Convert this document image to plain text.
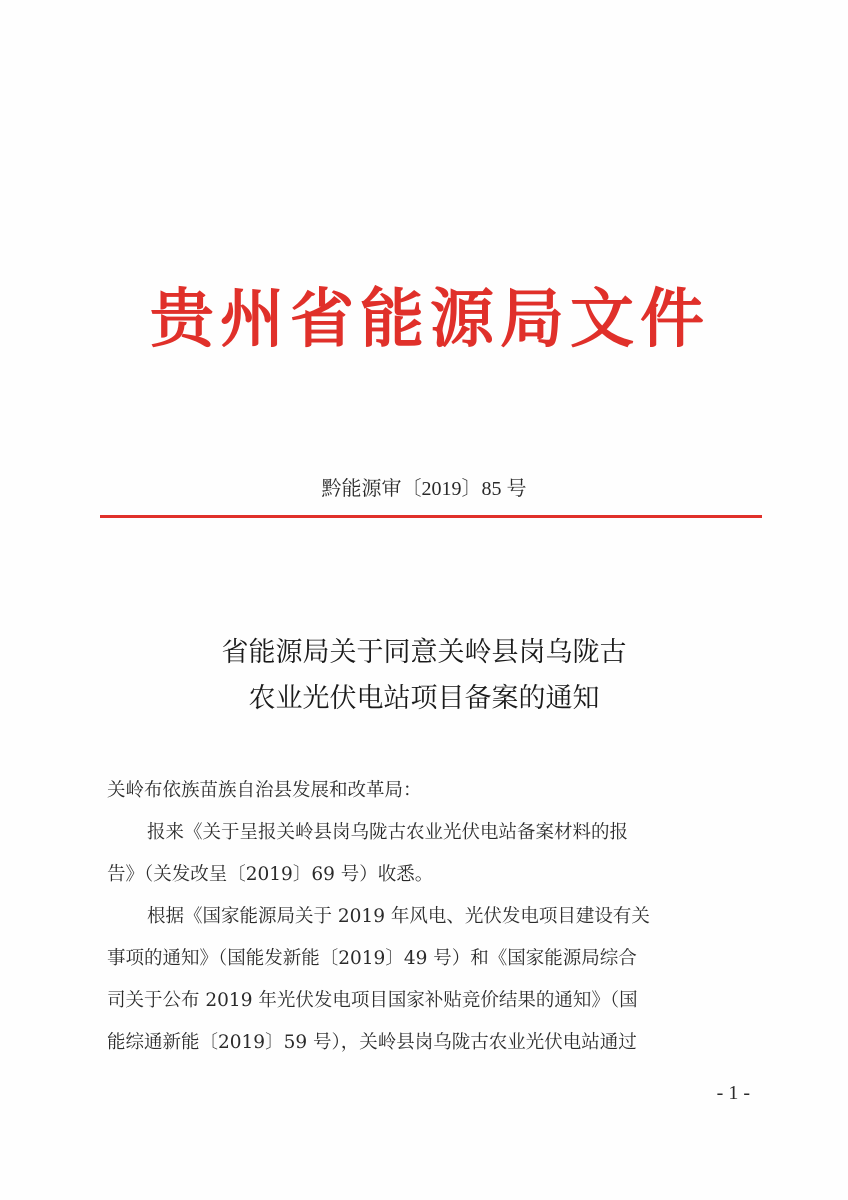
贵州省能源局文件
黔能源审〔2019〕85 号
省能源局关于同意关岭县岗乌陇古
农业光伏电站项目备案的通知
关岭布依族苗族自治县发展和改革局：
报来《关于呈报关岭县岗乌陇古农业光伏电站备案材料的报
告》（关发改呈〔2019〕69 号）收悉。
根据《国家能源局关于 2019 年风电、光伏发电项目建设有关
事项的通知》（国能发新能〔2019〕49 号）和《国家能源局综合
司关于公布 2019 年光伏发电项目国家补贴竞价结果的通知》（国
能综通新能〔2019〕59 号），关岭县岗乌陇古农业光伏电站通过
- 1 -
